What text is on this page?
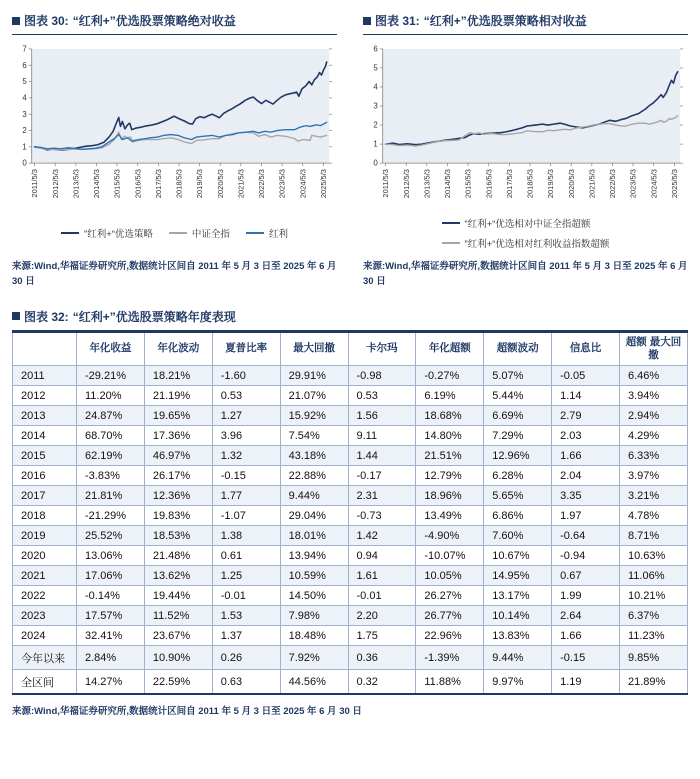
图表 30: “红利+”优选股票策略绝对收益
0
1
2
3
4
5
6
7
2011/5/3 2012/5/3 2013/5/3 2014/5/3 2015/5/3 2016/5/3 2017/5/3 2018/5/3 2019/5/3 2020/5/3 2021/5/3 2022/5/3 2023/5/3 2024/5/3 2025/5/3
”红利+“优选策略	中证全指	红利
来源:Wind,华福证券研究所,数据统计区间自 2011 年 5 月 3 日至 2025 年 6 月 30 日
图表 31: “红利+”优选股票策略相对收益
0
1
2
3
4
5
6
2011/5/3 2012/5/3 2013/5/3 2014/5/3 2015/5/3 2016/5/3 2017/5/3 2018/5/3 2019/5/3 2020/5/3 2021/5/3 2022/5/3 2023/5/3 2024/5/3 2025/5/3
”红利+“优选相对中证全指超额
”红利+“优选相对红利收益指数超额
来源:Wind,华福证券研究所,数据统计区间自 2011 年 5 月 3 日至 2025 年 6 月 30 日
图表 32: “红利+”优选股票策略年度表现
	年化收益	年化波动	夏普比率	最大回撤	卡尔玛	年化超额	超额波动	信息比	超额 最大回撤
2011	-29.21%	18.21%	-1.60	29.91%	-0.98	-0.27%	5.07%	-0.05	6.46%
2012	11.20%	21.19%	0.53	21.07%	0.53	6.19%	5.44%	1.14	3.94%
2013	24.87%	19.65%	1.27	15.92%	1.56	18.68%	6.69%	2.79	2.94%
2014	68.70%	17.36%	3.96	7.54%	9.11	14.80%	7.29%	2.03	4.29%
2015	62.19%	46.97%	1.32	43.18%	1.44	21.51%	12.96%	1.66	6.33%
2016	-3.83%	26.17%	-0.15	22.88%	-0.17	12.79%	6.28%	2.04	3.97%
2017	21.81%	12.36%	1.77	9.44%	2.31	18.96%	5.65%	3.35	3.21%
2018	-21.29%	19.83%	-1.07	29.04%	-0.73	13.49%	6.86%	1.97	4.78%
2019	25.52%	18.53%	1.38	18.01%	1.42	-4.90%	7.60%	-0.64	8.71%
2020	13.06%	21.48%	0.61	13.94%	0.94	-10.07%	10.67%	-0.94	10.63%
2021	17.06%	13.62%	1.25	10.59%	1.61	10.05%	14.95%	0.67	11.06%
2022	-0.14%	19.44%	-0.01	14.50%	-0.01	26.27%	13.17%	1.99	10.21%
2023	17.57%	11.52%	1.53	7.98%	2.20	26.77%	10.14%	2.64	6.37%
2024	32.41%	23.67%	1.37	18.48%	1.75	22.96%	13.83%	1.66	11.23%
今年以来	2.84%	10.90%	0.26	7.92%	0.36	-1.39%	9.44%	-0.15	9.85%
全区间	14.27%	22.59%	0.63	44.56%	0.32	11.88%	9.97%	1.19	21.89%
来源:Wind,华福证券研究所,数据统计区间自 2011 年 5 月 3 日至 2025 年 6 月 30 日
